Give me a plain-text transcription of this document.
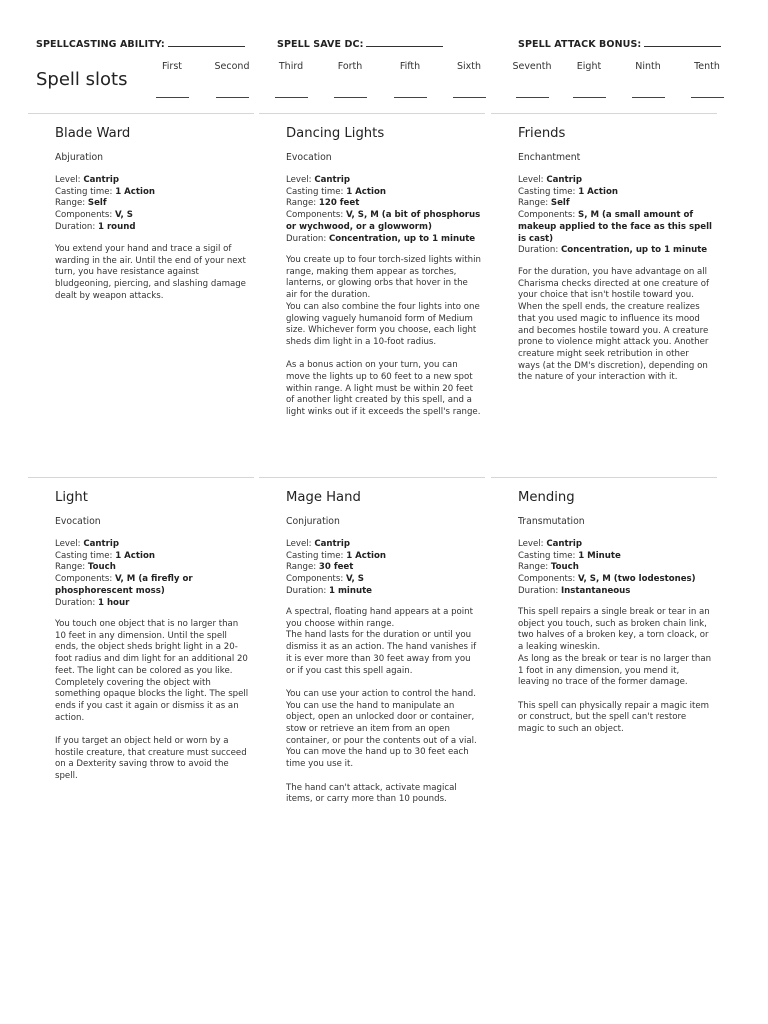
SPELLCASTING ABILITY:	SPELL SAVE DC:	SPELL ATTACK BONUS:
Spell slots
First	Second	Third	Forth	Fifth	Sixth	Seventh	Eight	Ninth	Tenth
Blade Ward
Abjuration
Level: Cantrip
Casting time: 1 Action
Range: Self
Components: V, S
Duration: 1 round

You extend your hand and trace a sigil of warding in the air. Until the end of your next turn, you have resistance against bludgeoning, piercing, and slashing damage dealt by weapon attacks.

Dancing Lights
Evocation
Level: Cantrip
Casting time: 1 Action
Range: 120 feet
Components: V, S, M (a bit of phosphorus or wychwood, or a glowworm)
Duration: Concentration, up to 1 minute

You create up to four torch-sized lights within range, making them appear as torches, lanterns, or glowing orbs that hover in the air for the duration.
You can also combine the four lights into one glowing vaguely humanoid form of Medium size. Whichever form you choose, each light sheds dim light in a 10-foot radius.

As a bonus action on your turn, you can move the lights up to 60 feet to a new spot within range. A light must be within 20 feet of another light created by this spell, and a light winks out if it exceeds the spell's range.

Friends
Enchantment
Level: Cantrip
Casting time: 1 Action
Range: Self
Components: S, M (a small amount of makeup applied to the face as this spell is cast)
Duration: Concentration, up to 1 minute

For the duration, you have advantage on all Charisma checks directed at one creature of your choice that isn't hostile toward you. When the spell ends, the creature realizes that you used magic to influence its mood and becomes hostile toward you. A creature prone to violence might attack you. Another creature might seek retribution in other ways (at the DM's discretion), depending on the nature of your interaction with it.

Light
Evocation
Level: Cantrip
Casting time: 1 Action
Range: Touch
Components: V, M (a firefly or phosphorescent moss)
Duration: 1 hour

You touch one object that is no larger than 10 feet in any dimension. Until the spell ends, the object sheds bright light in a 20-foot radius and dim light for an additional 20 feet. The light can be colored as you like. Completely covering the object with something opaque blocks the light. The spell ends if you cast it again or dismiss it as an action.

If you target an object held or worn by a hostile creature, that creature must succeed on a Dexterity saving throw to avoid the spell.

Mage Hand
Conjuration
Level: Cantrip
Casting time: 1 Action
Range: 30 feet
Components: V, S
Duration: 1 minute

A spectral, floating hand appears at a point you choose within range.
The hand lasts for the duration or until you dismiss it as an action. The hand vanishes if it is ever more than 30 feet away from you or if you cast this spell again.

You can use your action to control the hand. You can use the hand to manipulate an object, open an unlocked door or container, stow or retrieve an item from an open container, or pour the contents out of a vial. You can move the hand up to 30 feet each time you use it.

The hand can't attack, activate magical items, or carry more than 10 pounds.

Mending
Transmutation
Level: Cantrip
Casting time: 1 Minute
Range: Touch
Components: V, S, M (two lodestones)
Duration: Instantaneous

This spell repairs a single break or tear in an object you touch, such as broken chain link, two halves of a broken key, a torn cloack, or a leaking wineskin.
As long as the break or tear is no larger than 1 foot in any dimension, you mend it, leaving no trace of the former damage.

This spell can physically repair a magic item or construct, but the spell can't restore magic to such an object.
